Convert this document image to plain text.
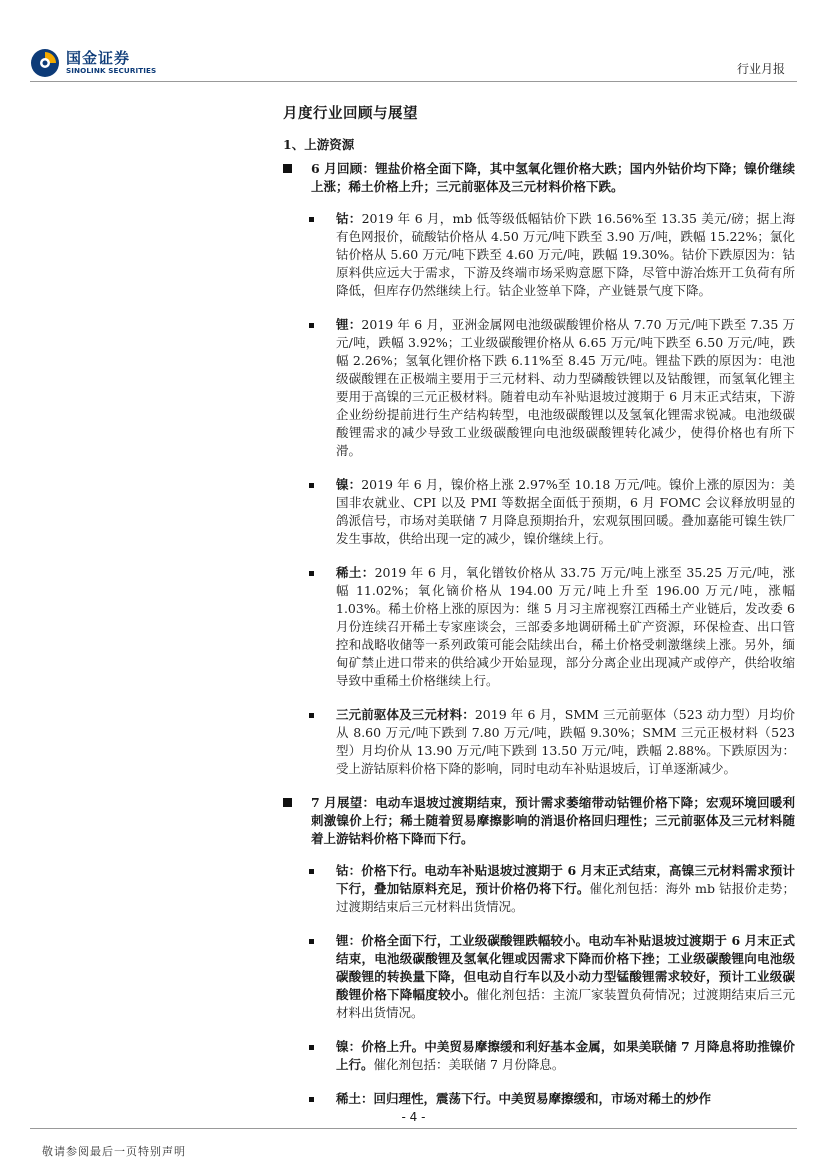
国金证券
SINOLINK SECURITIES	行业月报
月度行业回顾与展望
1、上游资源
6 月回顾：锂盐价格全面下降，其中氢氧化锂价格大跌；国内外钴价均下降；镍价继续上涨；稀土价格上升；三元前驱体及三元材料价格下跌。
钴：2019 年 6 月，mb 低等级低幅钴价下跌 16.56%至 13.35 美元/磅；据上海有色网报价，硫酸钴价格从 4.50 万元/吨下跌至 3.90 万/吨，跌幅 15.22%；氯化钴价格从 5.60 万元/吨下跌至 4.60 万元/吨，跌幅 19.30%。钴价下跌原因为：钴原料供应远大于需求，下游及终端市场采购意愿下降，尽管中游冶炼开工负荷有所降低，但库存仍然继续上行。钴企业签单下降，产业链景气度下降。
锂：2019 年 6 月，亚洲金属网电池级碳酸锂价格从 7.70 万元/吨下跌至 7.35 万元/吨，跌幅 3.92%；工业级碳酸锂价格从 6.65 万元/吨下跌至 6.50 万元/吨，跌幅 2.26%；氢氧化锂价格下跌 6.11%至 8.45 万元/吨。锂盐下跌的原因为：电池级碳酸锂在正极端主要用于三元材料、动力型磷酸铁锂以及钴酸锂，而氢氧化锂主要用于高镍的三元正极材料。随着电动车补贴退坡过渡期于 6 月末正式结束，下游企业纷纷提前进行生产结构转型，电池级碳酸锂以及氢氧化锂需求锐减。电池级碳酸锂需求的减少导致工业级碳酸锂向电池级碳酸锂转化减少，使得价格也有所下滑。
镍：2019 年 6 月，镍价格上涨 2.97%至 10.18 万元/吨。镍价上涨的原因为：美国非农就业、CPI 以及 PMI 等数据全面低于预期，6 月 FOMC 会议释放明显的鸽派信号，市场对美联储 7 月降息预期抬升，宏观氛围回暖。叠加嘉能可镍生铁厂发生事故，供给出现一定的减少，镍价继续上行。
稀土：2019 年 6 月，氧化镨钕价格从 33.75 万元/吨上涨至 35.25 万元/吨，涨幅 11.02%；氧化镝价格从 194.00 万元/吨上升至 196.00 万元/吨，涨幅 1.03%。稀土价格上涨的原因为：继 5 月习主席视察江西稀土产业链后，发改委 6 月份连续召开稀土专家座谈会，三部委多地调研稀土矿产资源，环保检查、出口管控和战略收储等一系列政策可能会陆续出台，稀土价格受刺激继续上涨。另外，缅甸矿禁止进口带来的供给减少开始显现，部分分离企业出现减产或停产，供给收缩导致中重稀土价格继续上行。
三元前驱体及三元材料：2019 年 6 月，SMM 三元前驱体（523 动力型）月均价从 8.60 万元/吨下跌到 7.80 万元/吨，跌幅 9.30%；SMM 三元正极材料（523 型）月均价从 13.90 万元/吨下跌到 13.50 万元/吨，跌幅 2.88%。下跌原因为：受上游钴原料价格下降的影响，同时电动车补贴退坡后，订单逐渐减少。
7 月展望：电动车退坡过渡期结束，预计需求萎缩带动钴锂价格下降；宏观环境回暖利刺激镍价上行；稀土随着贸易摩擦影响的消退价格回归理性；三元前驱体及三元材料随着上游钴料价格下降而下行。
钴：价格下行。电动车补贴退坡过渡期于 6 月末正式结束，高镍三元材料需求预计下行，叠加钴原料充足，预计价格仍将下行。催化剂包括：海外 mb 钴报价走势；过渡期结束后三元材料出货情况。
锂：价格全面下行，工业级碳酸锂跌幅较小。电动车补贴退坡过渡期于 6 月末正式结束，电池级碳酸锂及氢氧化锂或因需求下降而价格下挫；工业级碳酸锂向电池级碳酸锂的转换量下降，但电动自行车以及小动力型锰酸锂需求较好，预计工业级碳酸锂价格下降幅度较小。催化剂包括：主流厂家装置负荷情况；过渡期结束后三元材料出货情况。
镍：价格上升。中美贸易摩擦缓和利好基本金属，如果美联储 7 月降息将助推镍价上行。催化剂包括：美联储 7 月份降息。
稀土：回归理性，震荡下行。中美贸易摩擦缓和，市场对稀土的炒作
- 4 -
敬请参阅最后一页特别声明
